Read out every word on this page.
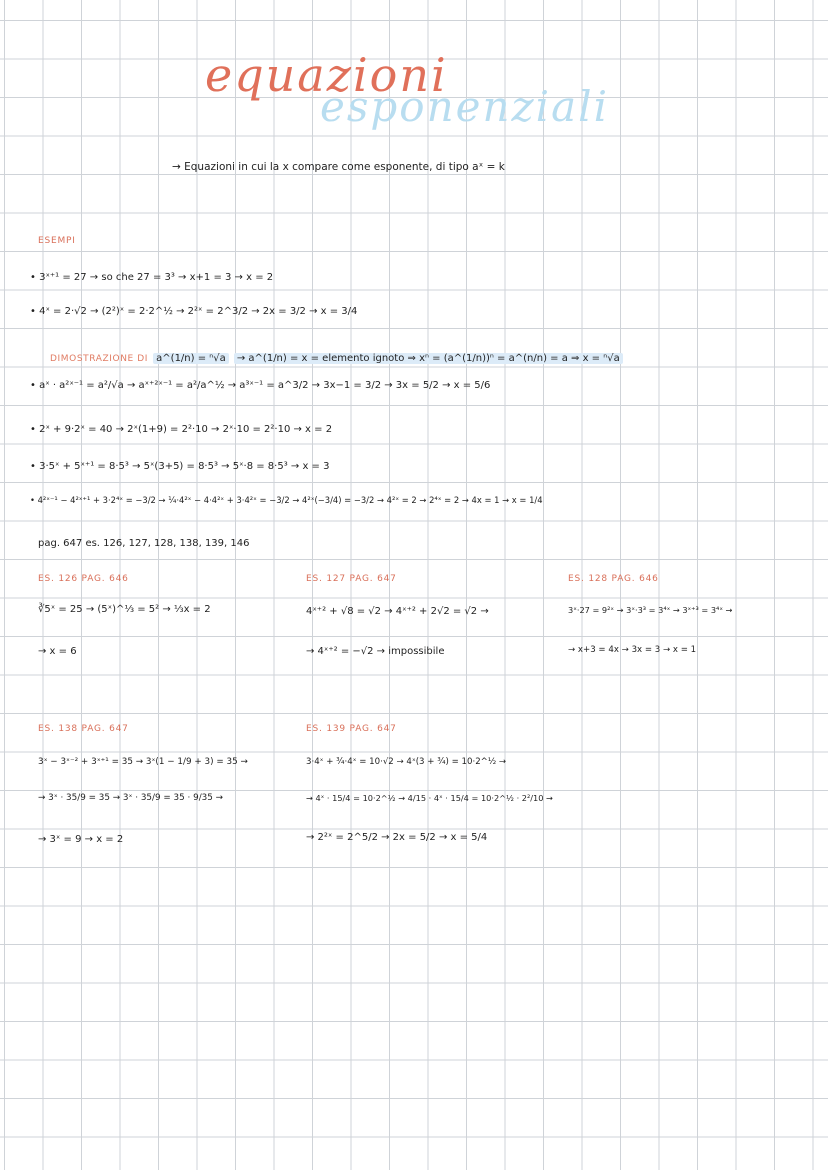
equazioni
esponenziali
→ Equazioni in cui la x compare come esponente, di tipo aˣ = k
ESEMPI
• 3ˣ⁺¹ = 27 → so che 27 = 3³ → x+1 = 3 → x = 2
• 4ˣ = 2·√2 → (2²)ˣ = 2·2^½ → 2²ˣ = 2^3/2 → 2x = 3/2 → x = 3/4
DIMOSTRAZIONE DI a^(1/n) = ⁿ√a → a^(1/n) = x = elemento ignoto ⇒ xⁿ = (a^(1/n))ⁿ = a^(n/n) = a ⇒ x = ⁿ√a
• aˣ · a²ˣ⁻¹ = a²/√a → aˣ⁺²ˣ⁻¹ = a²/a^½ → a³ˣ⁻¹ = a^3/2 → 3x−1 = 3/2 → 3x = 5/2 → x = 5/6
• 2ˣ + 9·2ˣ = 40 → 2ˣ(1+9) = 2²·10 → 2ˣ·10 = 2²·10 → x = 2
• 3·5ˣ + 5ˣ⁺¹ = 8·5³ → 5ˣ(3+5) = 8·5³ → 5ˣ·8 = 8·5³ → x = 3
• 4²ˣ⁻¹ − 4²ˣ⁺¹ + 3·2⁴ˣ = −3/2 → ¼·4²ˣ − 4·4²ˣ + 3·4²ˣ = −3/2 → 4²ˣ(−3/4) = −3/2 → 4²ˣ = 2 → 2⁴ˣ = 2 → 4x = 1 → x = 1/4
pag. 647 es. 126, 127, 128, 138, 139, 146
ES. 126 PAG. 646
∛5ˣ = 25 → (5ˣ)^⅓ = 5² → ⅓x = 2
→ x = 6
ES. 127 PAG. 647
4ˣ⁺² + √8 = √2 → 4ˣ⁺² + 2√2 = √2 →
→ 4ˣ⁺² = −√2 → impossibile
ES. 128 PAG. 646
3ˣ·27 = 9²ˣ → 3ˣ·3³ = 3⁴ˣ → 3ˣ⁺³ = 3⁴ˣ →
→ x+3 = 4x → 3x = 3 → x = 1
ES. 138 PAG. 647
3ˣ − 3ˣ⁻² + 3ˣ⁺¹ = 35 → 3ˣ(1 − 1/9 + 3) = 35 →
→ 3ˣ · 35/9 = 35 → 3ˣ · 35/9 = 35 · 9/35 →
→ 3ˣ = 9 → x = 2
ES. 139 PAG. 647
3·4ˣ + ¾·4ˣ = 10·√2 → 4ˣ(3 + ¾) = 10·2^½ →
→ 4ˣ · 15/4 = 10·2^½ → 4/15 · 4ˣ · 15/4 = 10·2^½ · 2²/10 →
→ 2²ˣ = 2^5/2 → 2x = 5/2 → x = 5/4
